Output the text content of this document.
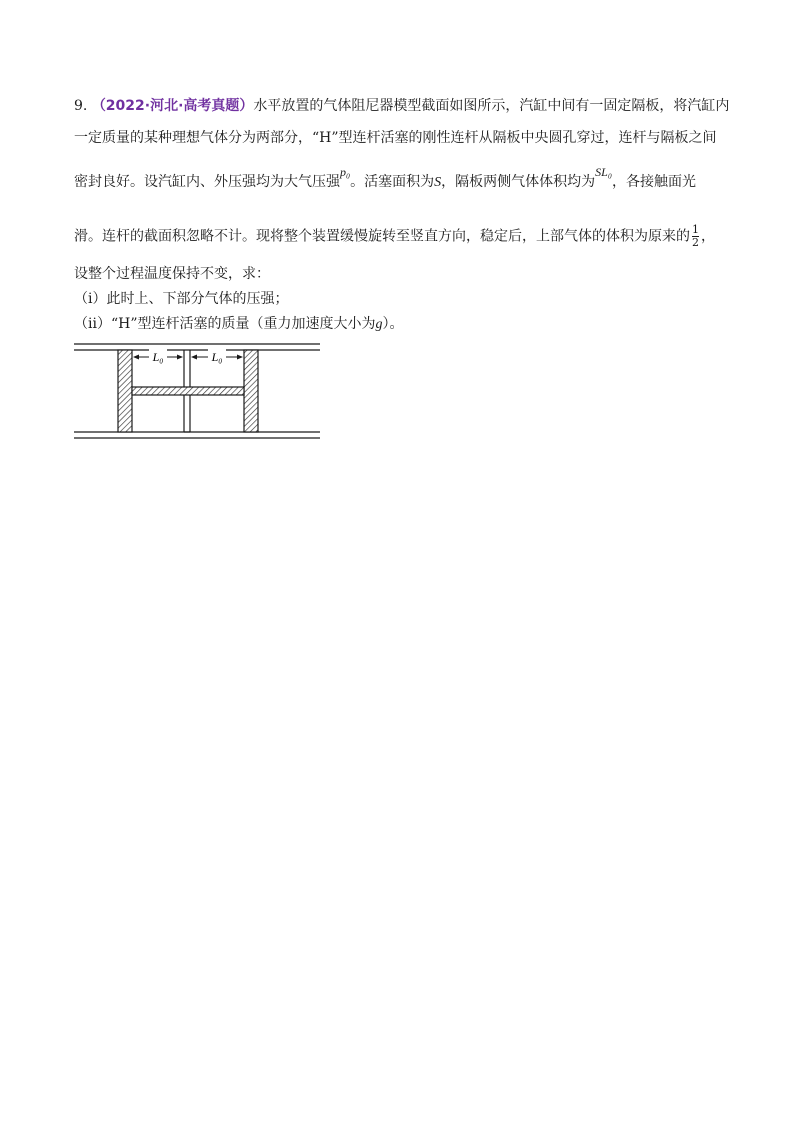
9. （2022·河北·高考真题）水平放置的气体阻尼器模型截面如图所示，汽缸中间有一固定隔板，将汽缸内
一定质量的某种理想气体分为两部分，“H”型连杆活塞的刚性连杆从隔板中央圆孔穿过，连杆与隔板之间
密封良好。设汽缸内、外压强均为大气压强p₀。活塞面积为S，隔板两侧气体体积均为SL₀，各接触面光
滑。连杆的截面积忽略不计。现将整个装置缓慢旋转至竖直方向，稳定后，上部气体的体积为原来的 $\frac{1}{2}$ ，
设整个过程温度保持不变，求：
（i）此时上、下部分气体的压强；
（ii）“H”型连杆活塞的质量（重力加速度大小为g）。
L₀	L₀
